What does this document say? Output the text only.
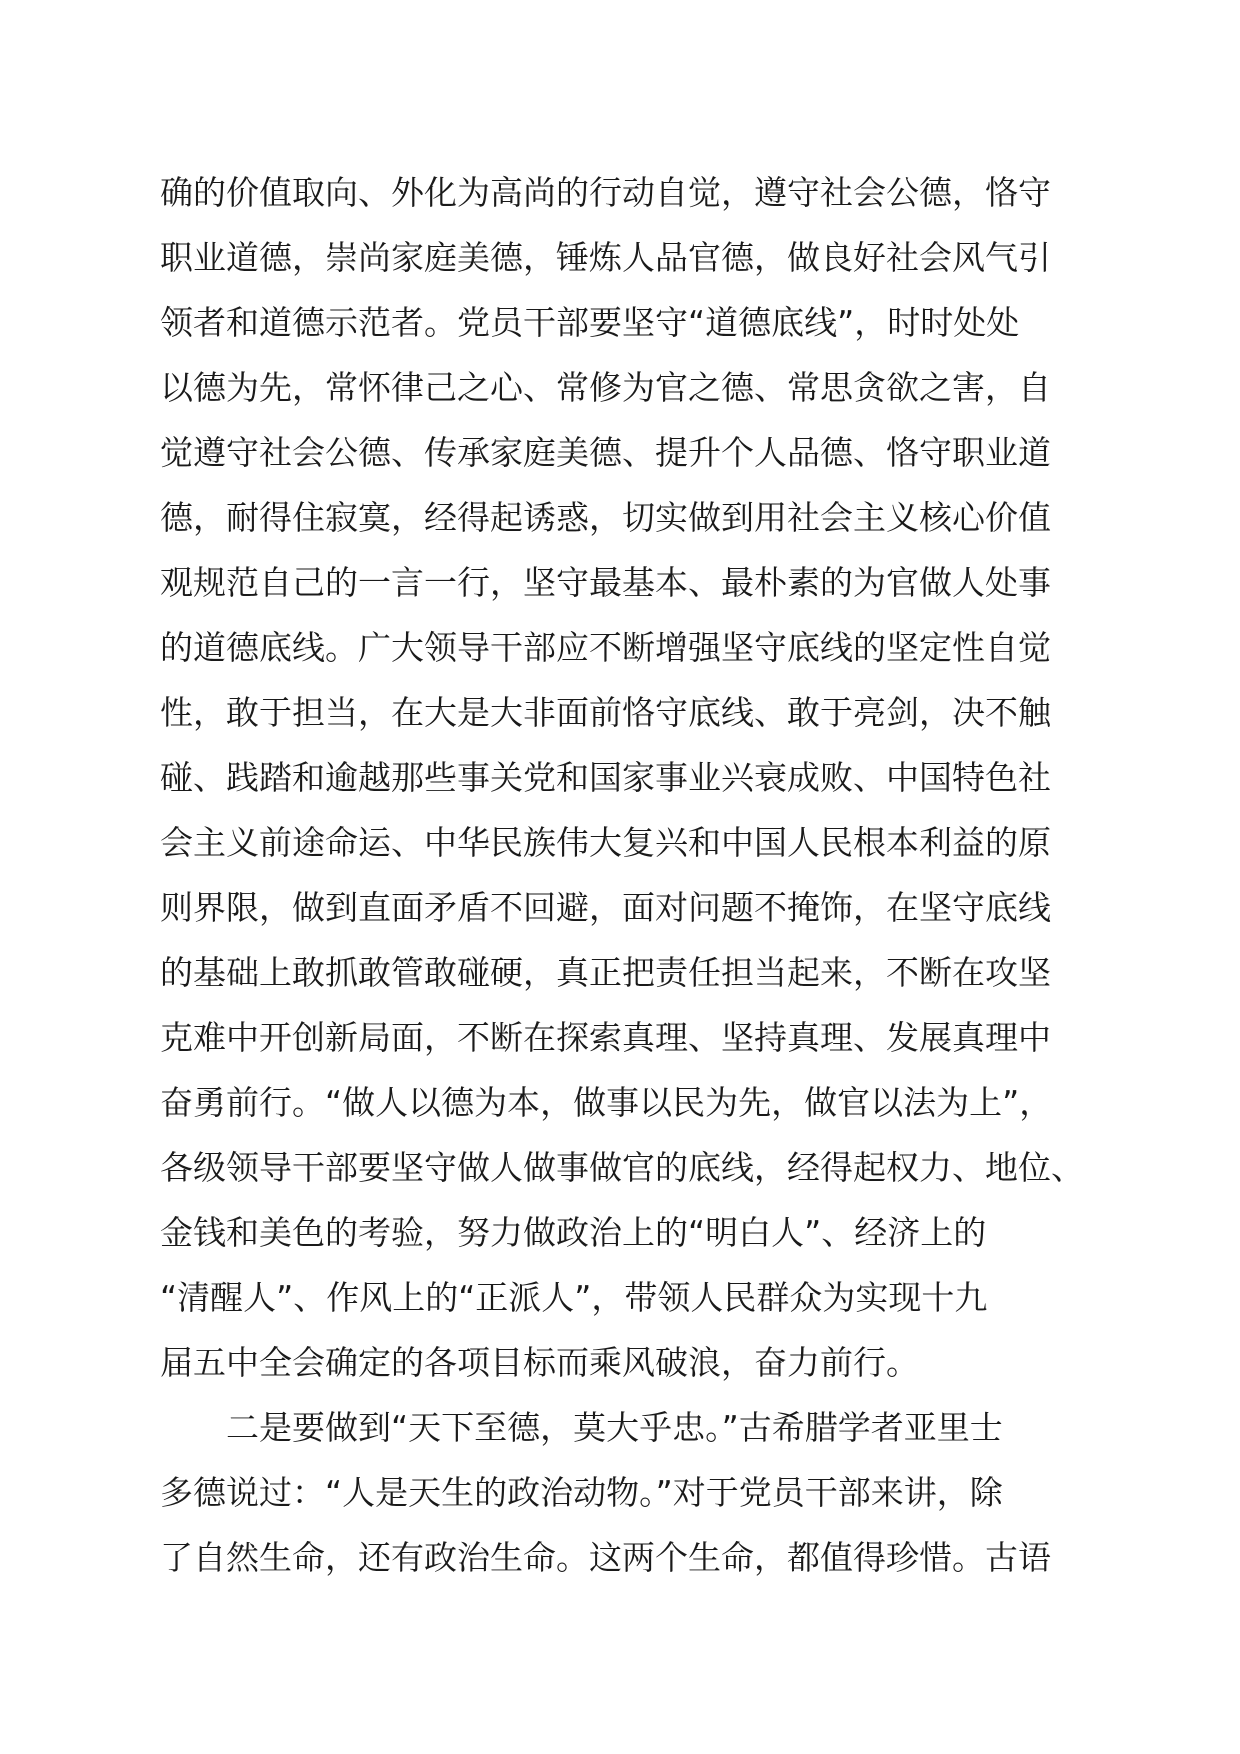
确的价值取向、外化为高尚的行动自觉，遵守社会公德，恪守
职业道德，崇尚家庭美德，锤炼人品官德，做良好社会风气引
领者和道德示范者。党员干部要坚守“道德底线”，时时处处
以德为先，常怀律己之心、常修为官之德、常思贪欲之害，自
觉遵守社会公德、传承家庭美德、提升个人品德、恪守职业道
德，耐得住寂寞，经得起诱惑，切实做到用社会主义核心价值
观规范自己的一言一行，坚守最基本、最朴素的为官做人处事
的道德底线。广大领导干部应不断增强坚守底线的坚定性自觉
性，敢于担当，在大是大非面前恪守底线、敢于亮剑，决不触
碰、践踏和逾越那些事关党和国家事业兴衰成败、中国特色社
会主义前途命运、中华民族伟大复兴和中国人民根本利益的原
则界限，做到直面矛盾不回避，面对问题不掩饰，在坚守底线
的基础上敢抓敢管敢碰硬，真正把责任担当起来，不断在攻坚
克难中开创新局面，不断在探索真理、坚持真理、发展真理中
奋勇前行。“做人以德为本，做事以民为先，做官以法为上”，
各级领导干部要坚守做人做事做官的底线，经得起权力、地位、
金钱和美色的考验，努力做政治上的“明白人”、经济上的
“清醒人”、作风上的“正派人”，带领人民群众为实现十九
届五中全会确定的各项目标而乘风破浪，奋力前行。
二是要做到“天下至德，莫大乎忠。”古希腊学者亚里士
多德说过：“人是天生的政治动物。”对于党员干部来讲，除
了自然生命，还有政治生命。这两个生命，都值得珍惜。古语
